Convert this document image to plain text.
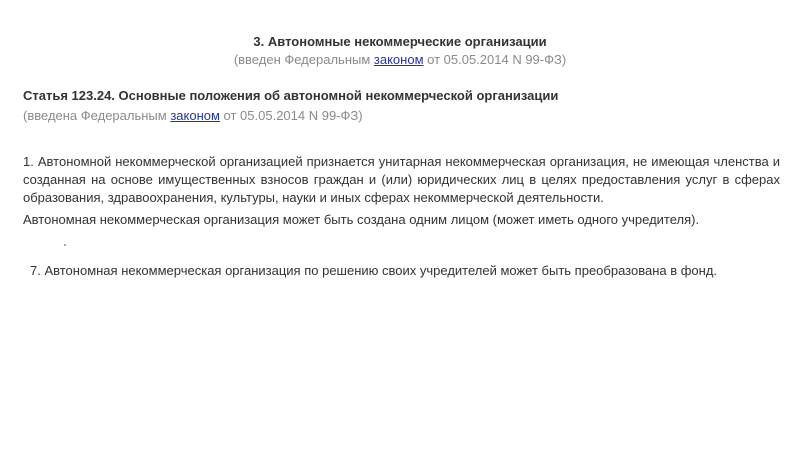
3. Автономные некоммерческие организации
(введен Федеральным законом от 05.05.2014 N 99-ФЗ)
Статья 123.24. Основные положения об автономной некоммерческой организации
(введена Федеральным законом от 05.05.2014 N 99-ФЗ)
1. Автономной некоммерческой организацией признается унитарная некоммерческая организация, не имеющая членства и созданная на основе имущественных взносов граждан и (или) юридических лиц в целях предоставления услуг в сферах образования, здравоохранения, культуры, науки и иных сферах некоммерческой деятельности.
Автономная некоммерческая организация может быть создана одним лицом (может иметь одного учредителя).
7. Автономная некоммерческая организация по решению своих учредителей может быть преобразована в фонд.
